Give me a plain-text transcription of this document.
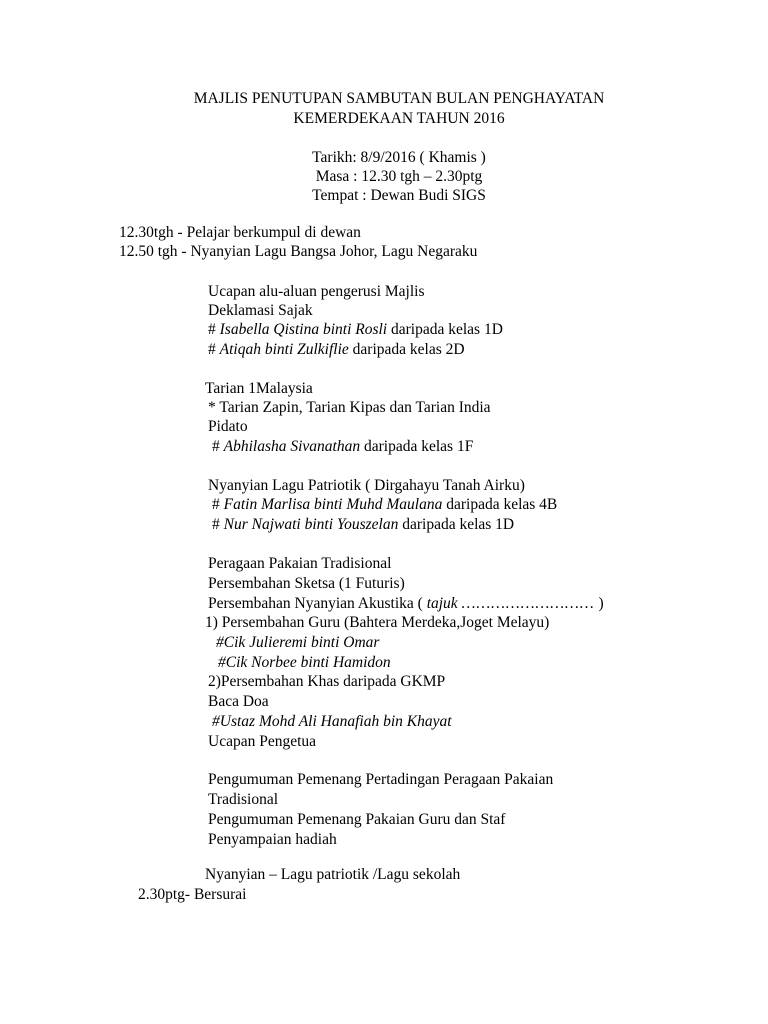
MAJLIS PENUTUPAN SAMBUTAN BULAN PENGHAYATAN
KEMERDEKAAN TAHUN 2016
Tarikh: 8/9/2016 ( Khamis )
Masa : 12.30 tgh – 2.30ptg
Tempat : Dewan Budi SIGS
12.30tgh - Pelajar berkumpul di dewan
12.50 tgh - Nyanyian Lagu Bangsa Johor, Lagu Negaraku
Ucapan alu-aluan pengerusi Majlis
Deklamasi Sajak
# Isabella Qistina binti Rosli daripada kelas 1D
# Atiqah binti Zulkiflie daripada kelas 2D
Tarian 1Malaysia
* Tarian Zapin, Tarian Kipas dan Tarian India
Pidato
# Abhilasha Sivanathan daripada kelas 1F
Nyanyian Lagu Patriotik ( Dirgahayu Tanah Airku)
# Fatin Marlisa binti Muhd Maulana daripada kelas 4B
# Nur Najwati binti Youszelan daripada kelas 1D
Peragaan Pakaian Tradisional
Persembahan Sketsa (1 Futuris)
Persembahan Nyanyian Akustika ( tajuk ……………………… )
1) Persembahan Guru (Bahtera Merdeka,Joget Melayu)
#Cik Julieremi binti Omar
#Cik Norbee binti Hamidon
2)Persembahan Khas daripada GKMP
Baca Doa
#Ustaz Mohd Ali Hanafiah bin Khayat
Ucapan Pengetua
Pengumuman Pemenang Pertadingan Peragaan Pakaian
Tradisional
Pengumuman Pemenang Pakaian Guru dan Staf
Penyampaian hadiah
Nyanyian – Lagu patriotik /Lagu sekolah
2.30ptg- Bersurai
